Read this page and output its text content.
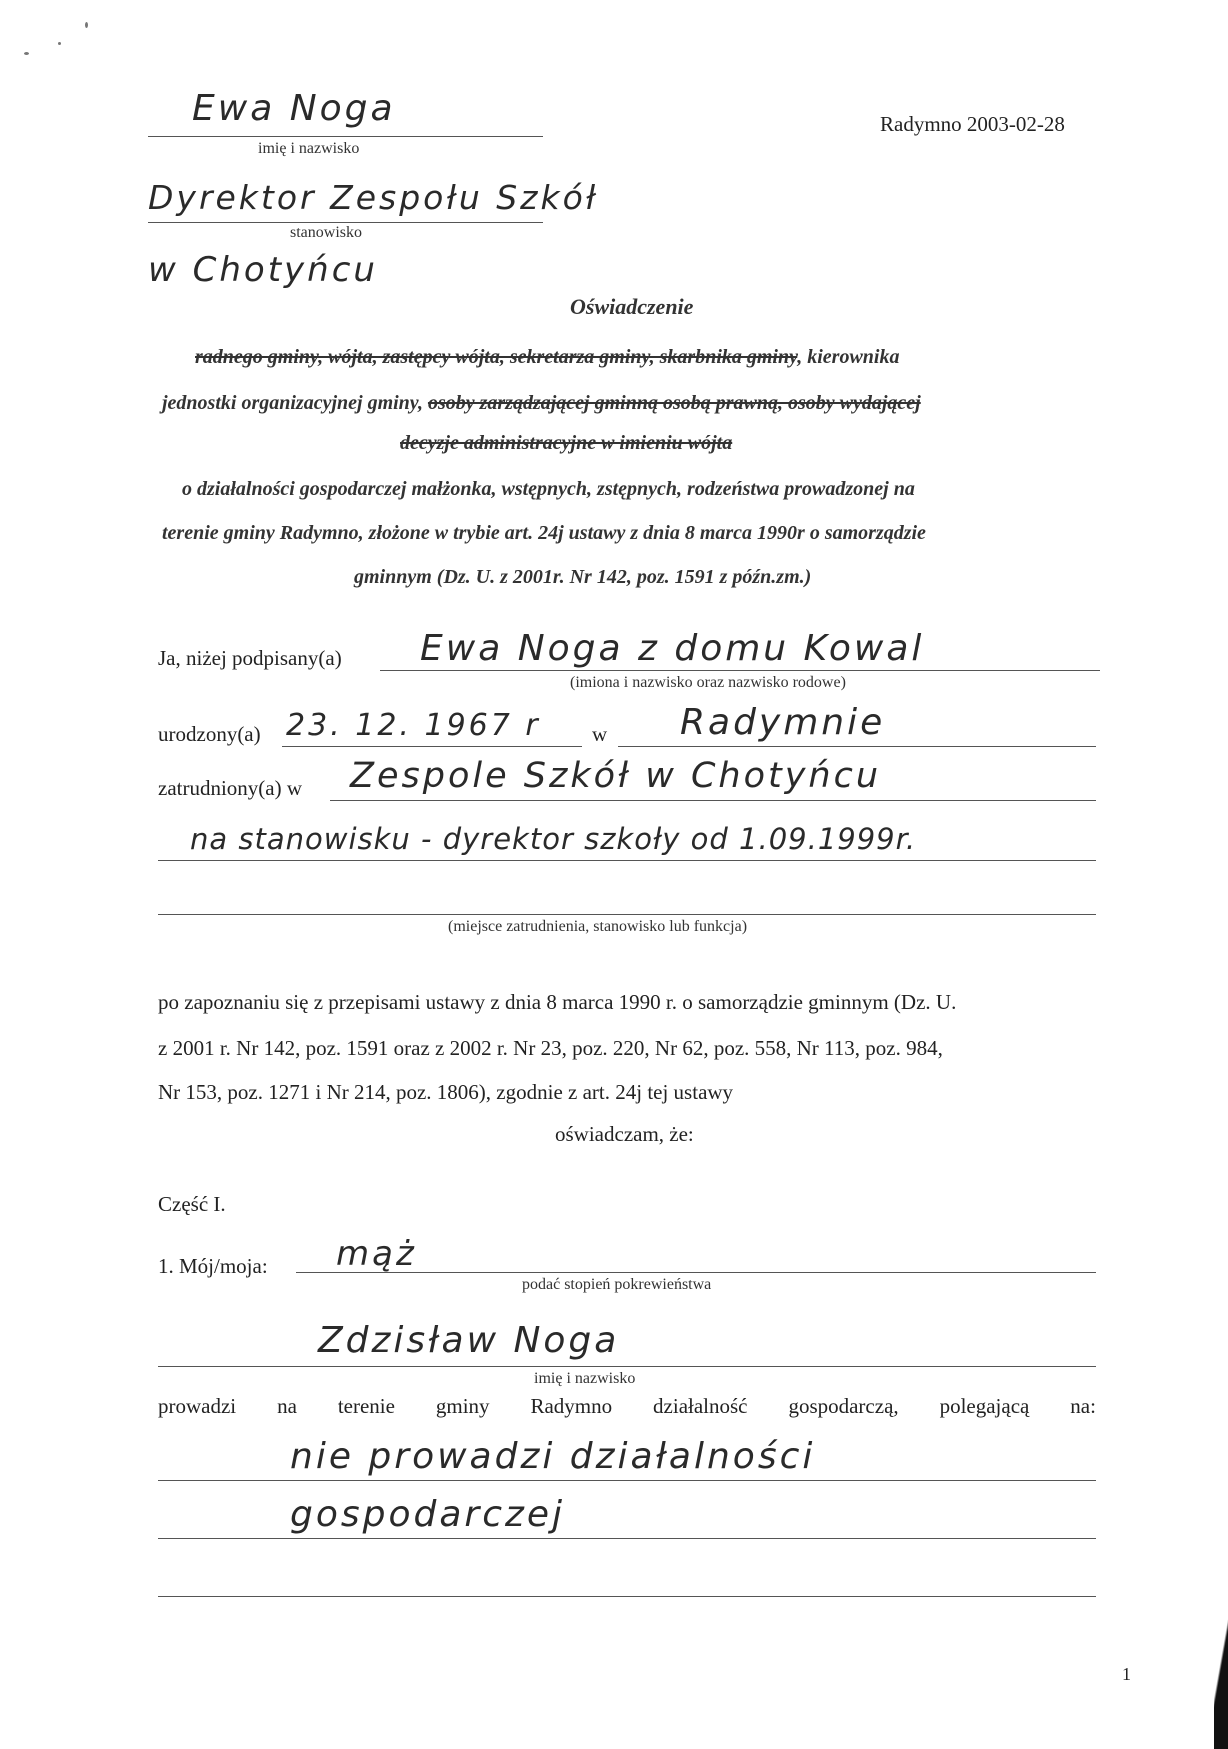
Ewa Noga
imię i nazwisko
Radymno 2003-02-28
Dyrektor Zespołu Szkół
stanowisko
w Chotyńcu
Oświadczenie
radnego gminy, wójta, zastępcy wójta, sekretarza gminy, skarbnika gminy, kierownika
jednostki organizacyjnej gminy, osoby zarządzającej gminną osobą prawną, osoby wydającej
decyzje administracyjne w imieniu wójta
o działalności gospodarczej małżonka, wstępnych, zstępnych, rodzeństwa prowadzonej na
terenie gminy Radymno, złożone w trybie art. 24j ustawy z dnia 8 marca 1990r o samorządzie
gminnym (Dz. U. z 2001r. Nr 142, poz. 1591 z późn.zm.)
Ja, niżej podpisany(a) Ewa Noga z domu Kowal
(imiona i nazwisko oraz nazwisko rodowe)
urodzony(a) 23. 12. 1967 r w Radymnie
zatrudniony(a) w Zespole Szkół w Chotyńcu
na stanowisku - dyrektor szkoły od 1.09.1999r.
(miejsce zatrudnienia, stanowisko lub funkcja)
po zapoznaniu się z przepisami ustawy z dnia 8 marca 1990 r. o samorządzie gminnym (Dz. U.
z 2001 r. Nr 142, poz. 1591 oraz z 2002 r. Nr 23, poz. 220, Nr 62, poz. 558, Nr 113, poz. 984,
Nr 153, poz. 1271 i Nr 214, poz. 1806), zgodnie z art. 24j tej ustawy
oświadczam, że:
Część I.
1. Mój/moja: mąż
podać stopień pokrewieństwa
Zdzisław Noga
imię i nazwisko
prowadzi na terenie gminy Radymno działalność gospodarczą, polegającą na:
nie prowadzi działalności
gospodarczej
1
